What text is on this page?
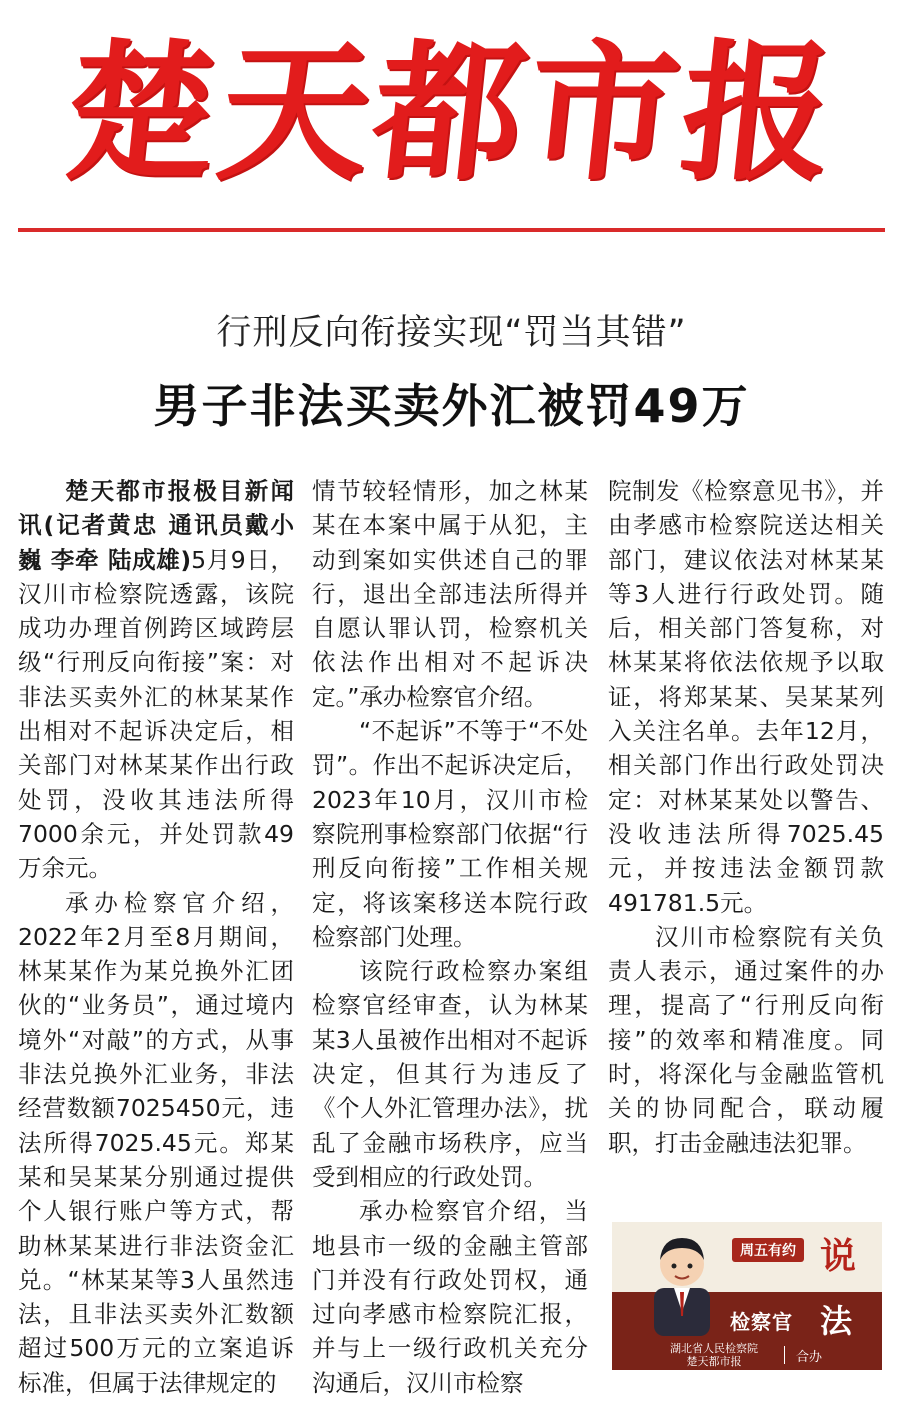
楚天都市报
行刑反向衔接实现“罚当其错”
男子非法买卖外汇被罚49万

楚天都市报极目新闻讯(记者黄忠 通讯员戴小巍 李牵 陆成雄)5月9日，汉川市检察院透露，该院成功办理首例跨区域跨层级“行刑反向衔接”案：对非法买卖外汇的林某某作出相对不起诉决定后，相关部门对林某某作出行政处罚，没收其违法所得7000余元，并处罚款49万余元。

承办检察官介绍，2022年2月至8月期间，林某某作为某兑换外汇团伙的“业务员”，通过境内境外“对敲”的方式，从事非法兑换外汇业务，非法经营数额7025450元，违法所得7025.45元。郑某某和吴某某分别通过提供个人银行账户等方式，帮助林某某进行非法资金汇兑。“林某某等3人虽然违法，且非法买卖外汇数额超过500万元的立案追诉标准，但属于法律规定的

情节较轻情形，加之林某某在本案中属于从犯，主动到案如实供述自己的罪行，退出全部违法所得并自愿认罪认罚，检察机关依法作出相对不起诉决定。”承办检察官介绍。

“不起诉”不等于“不处罚”。作出不起诉决定后，2023年10月，汉川市检察院刑事检察部门依据“行刑反向衔接”工作相关规定，将该案移送本院行政检察部门处理。

该院行政检察办案组检察官经审查，认为林某某3人虽被作出相对不起诉决定，但其行为违反了《个人外汇管理办法》，扰乱了金融市场秩序，应当受到相应的行政处罚。

承办检察官介绍，当地县市一级的金融主管部门并没有行政处罚权，通过向孝感市检察院汇报，并与上一级行政机关充分沟通后，汉川市检察

院制发《检察意见书》，并由孝感市检察院送达相关部门，建议依法对林某某等3人进行行政处罚。随后，相关部门答复称，对林某某将依法依规予以取证，将郑某某、吴某某列入关注名单。去年12月，相关部门作出行政处罚决定：对林某某处以警告、没收违法所得7025.45元，并按违法金额罚款491781.5元。

汉川市检察院有关负责人表示，通过案件的办理，提高了“行刑反向衔接”的效率和精准度。同时，将深化与金融监管机关的协同配合，联动履职，打击金融违法犯罪。

周五有约 说
检察官 法
湖北省人民检察院
楚天都市报	合办
